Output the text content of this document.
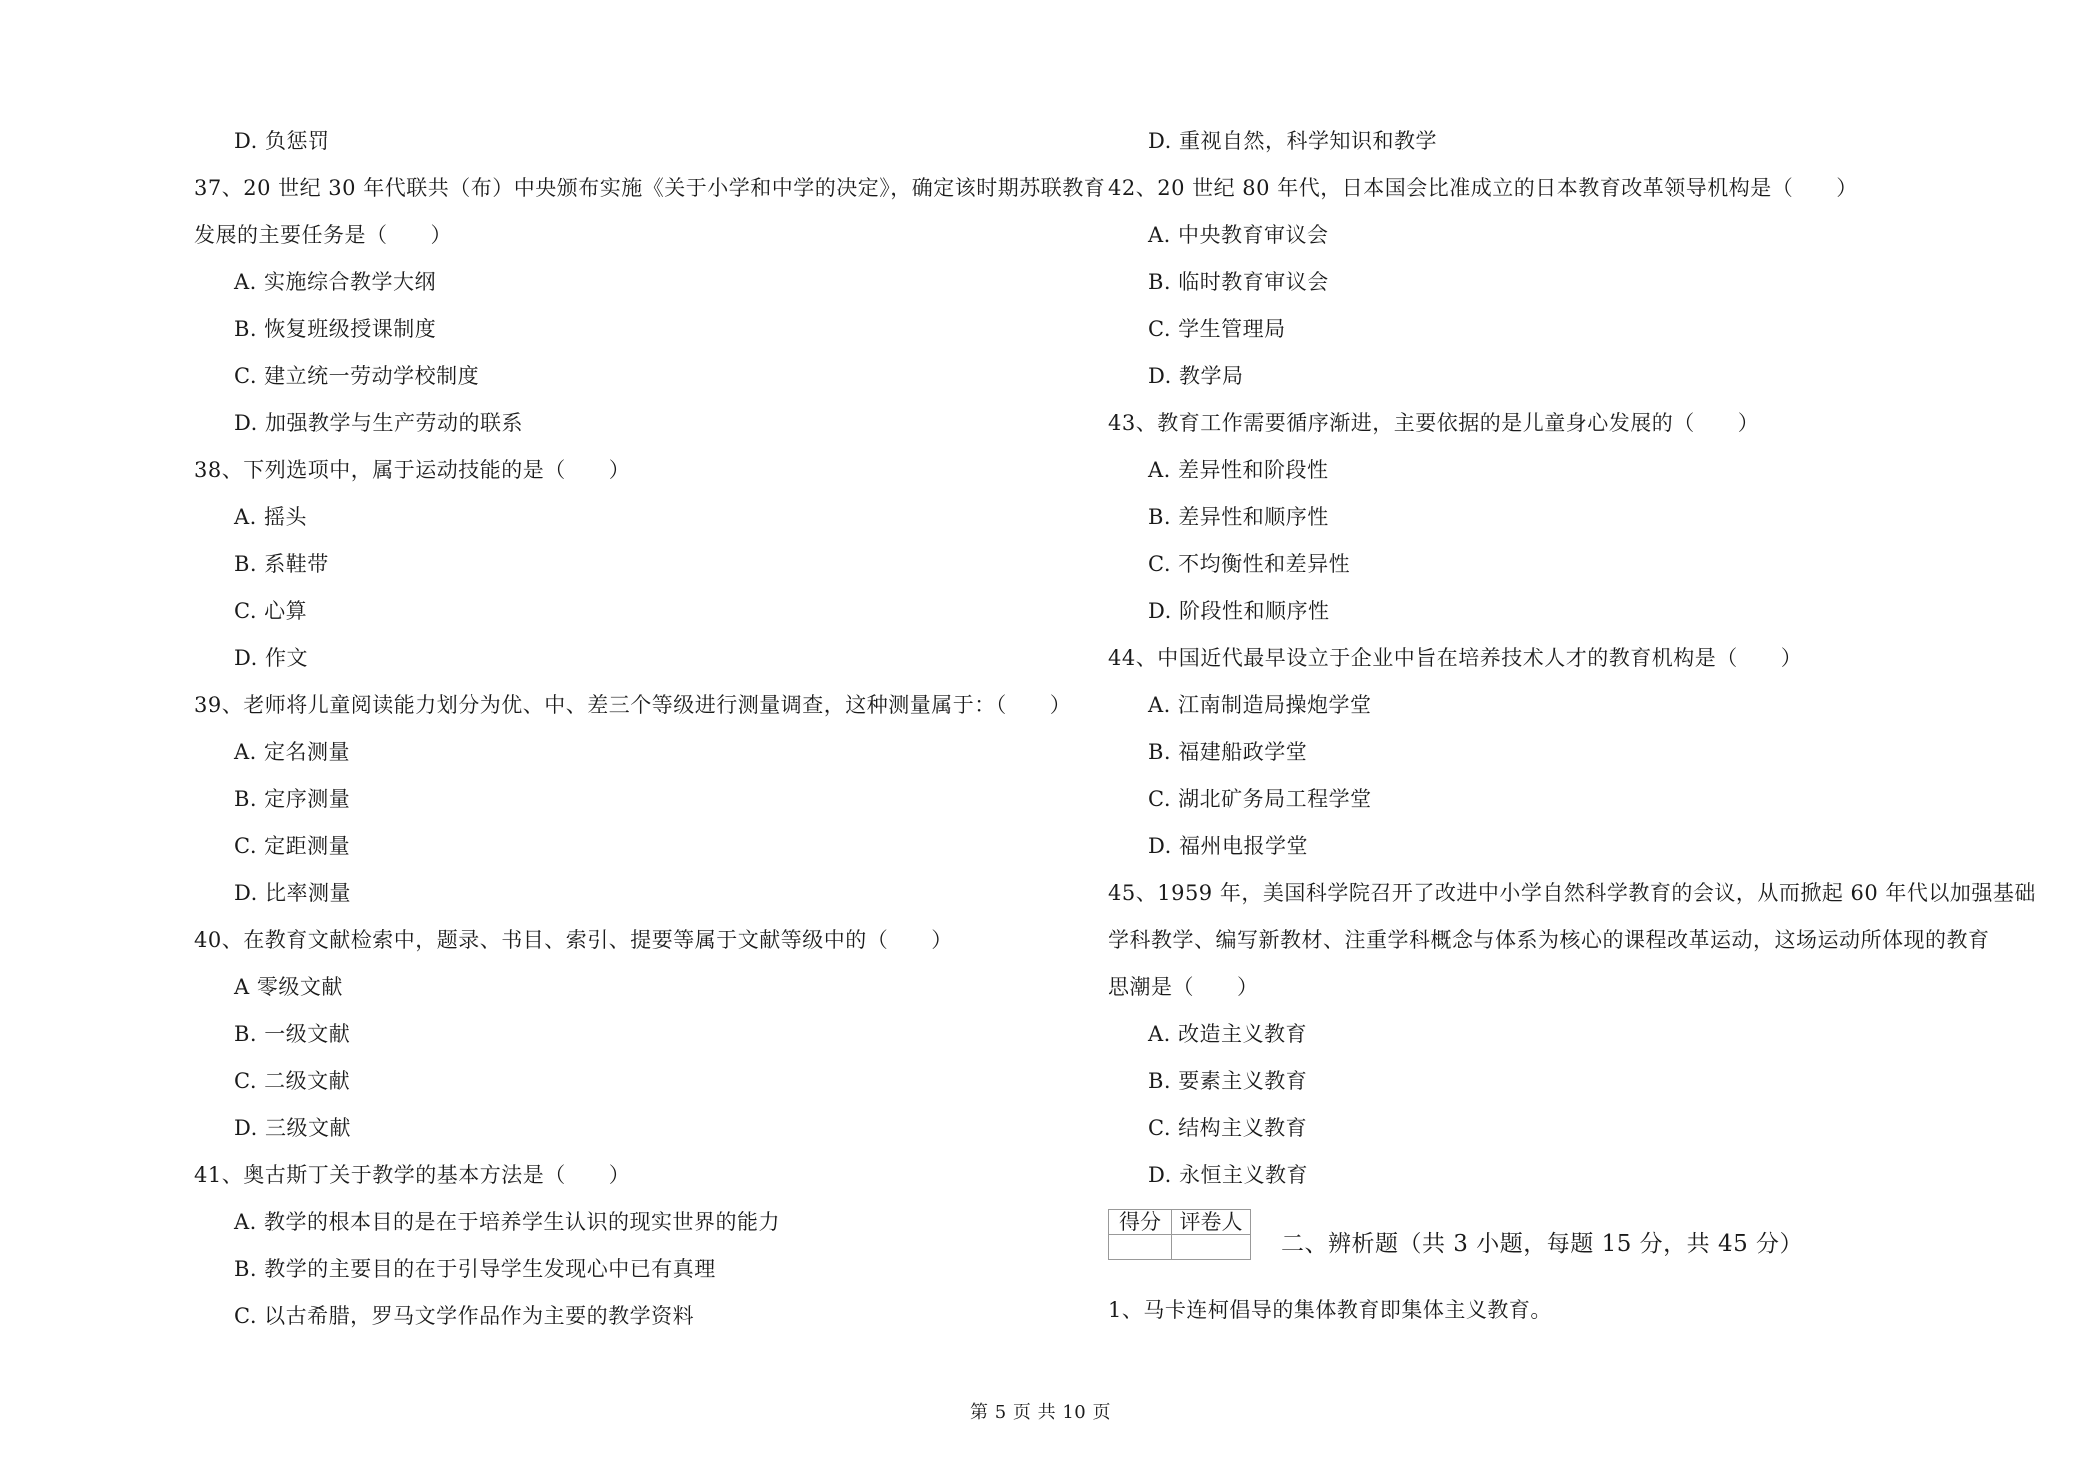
D. 负惩罚
37、20 世纪 30 年代联共（布）中央颁布实施《关于小学和中学的决定》，确定该时期苏联教育
发展的主要任务是（　　）
A. 实施综合教学大纲
B. 恢复班级授课制度
C. 建立统一劳动学校制度
D. 加强教学与生产劳动的联系
38、下列选项中，属于运动技能的是（　　）
A. 摇头
B. 系鞋带
C. 心算
D. 作文
39、老师将儿童阅读能力划分为优、中、差三个等级进行测量调查，这种测量属于：（　　）
A. 定名测量
B. 定序测量
C. 定距测量
D. 比率测量
40、在教育文献检索中，题录、书目、索引、提要等属于文献等级中的（　　）
A 零级文献
B. 一级文献
C. 二级文献
D. 三级文献
41、奥古斯丁关于教学的基本方法是（　　）
A. 教学的根本目的是在于培养学生认识的现实世界的能力
B. 教学的主要目的在于引导学生发现心中已有真理
C. 以古希腊，罗马文学作品作为主要的教学资料
D. 重视自然，科学知识和教学
42、20 世纪 80 年代，日本国会比准成立的日本教育改革领导机构是（　　）
A. 中央教育审议会
B. 临时教育审议会
C. 学生管理局
D. 教学局
43、教育工作需要循序渐进，主要依据的是儿童身心发展的（　　）
A. 差异性和阶段性
B. 差异性和顺序性
C. 不均衡性和差异性
D. 阶段性和顺序性
44、中国近代最早设立于企业中旨在培养技术人才的教育机构是（　　）
A. 江南制造局操炮学堂
B. 福建船政学堂
C. 湖北矿务局工程学堂
D. 福州电报学堂
45、1959 年，美国科学院召开了改进中小学自然科学教育的会议，从而掀起 60 年代以加强基础
学科教学、编写新教材、注重学科概念与体系为核心的课程改革运动，这场运动所体现的教育
思潮是（　　）
A. 改造主义教育
B. 要素主义教育
C. 结构主义教育
D. 永恒主义教育
得分	评卷人

二、辨析题（共 3 小题，每题 15 分，共 45 分）
1、马卡连柯倡导的集体教育即集体主义教育。
第 5 页 共 10 页
